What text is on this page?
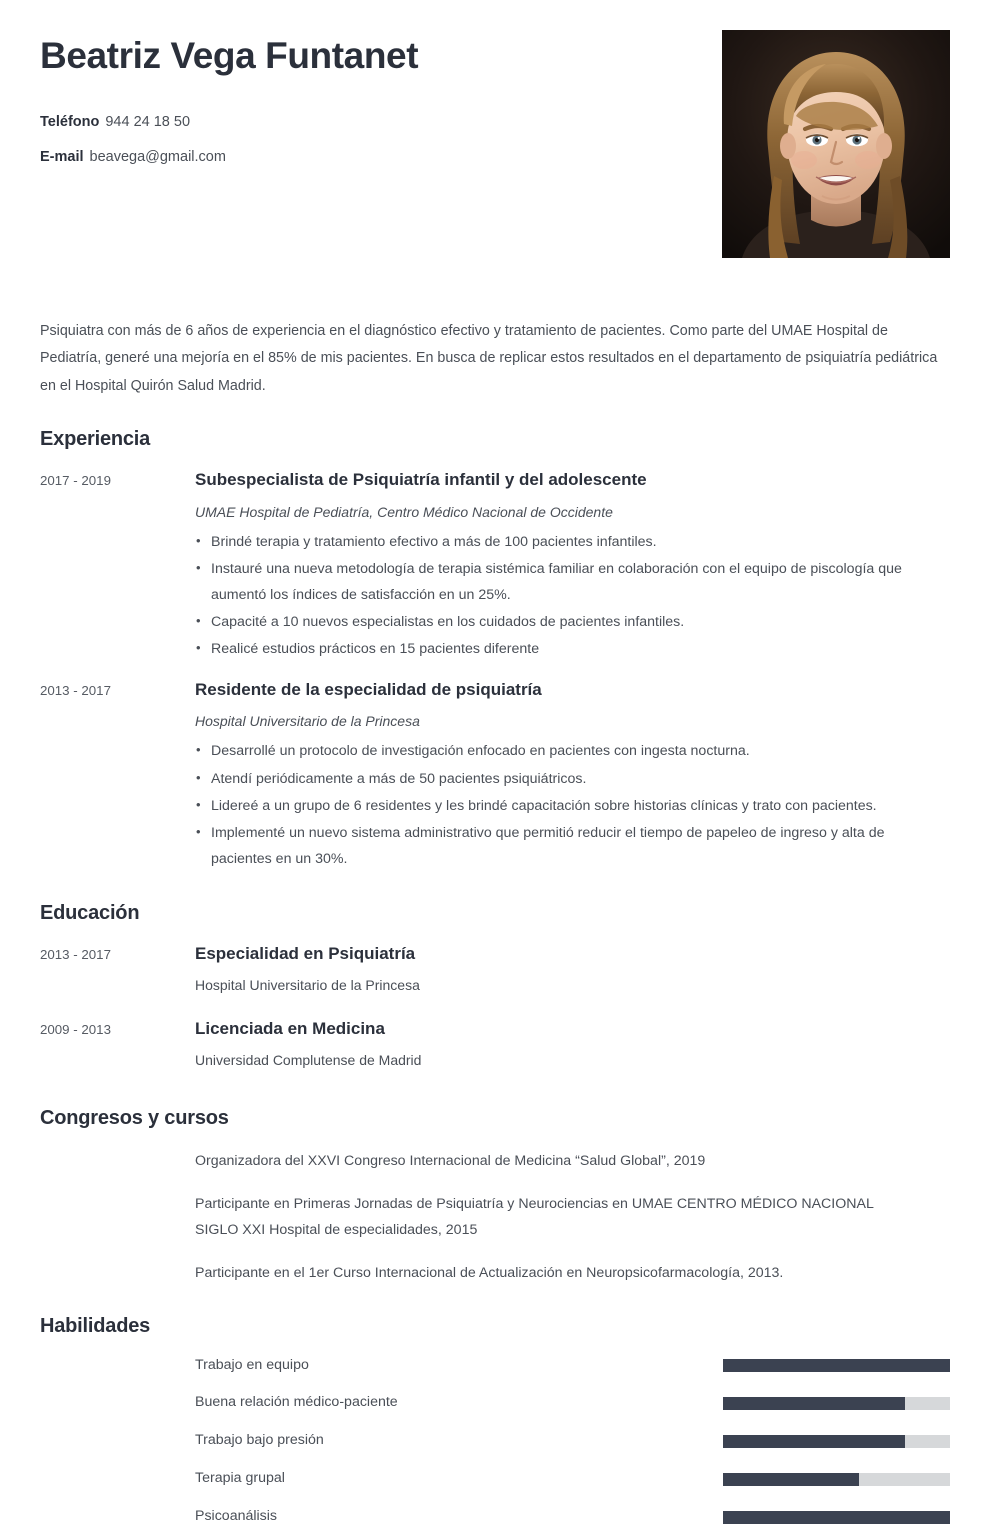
Beatriz Vega Funtanet
Teléfono 944 24 18 50
E-mail beavega@gmail.com

Psiquiatra con más de 6 años de experiencia en el diagnóstico efectivo y tratamiento de pacientes. Como parte del UMAE Hospital de Pediatría, generé una mejoría en el 85% de mis pacientes. En busca de replicar estos resultados en el departamento de psiquiatría pediátrica en el Hospital Quirón Salud Madrid.

Experiencia
2017 - 2019	Subespecialista de Psiquiatría infantil y del adolescente
UMAE Hospital de Pediatría, Centro Médico Nacional de Occidente
• Brindé terapia y tratamiento efectivo a más de 100 pacientes infantiles.
• Instauré una nueva metodología de terapia sistémica familiar en colaboración con el equipo de piscología que aumentó los índices de satisfacción en un 25%.
• Capacité a 10 nuevos especialistas en los cuidados de pacientes infantiles.
• Realicé estudios prácticos en 15 pacientes diferente
2013 - 2017	Residente de la especialidad de psiquiatría
Hospital Universitario de la Princesa
• Desarrollé un protocolo de investigación enfocado en pacientes con ingesta nocturna.
• Atendí periódicamente a más de 50 pacientes psiquiátricos.
• Lidereé a un grupo de 6 residentes y les brindé capacitación sobre historias clínicas y trato con pacientes.
• Implementé un nuevo sistema administrativo que permitió reducir el tiempo de papeleo de ingreso y alta de pacientes en un 30%.
Educación
2013 - 2017	Especialidad en Psiquiatría
Hospital Universitario de la Princesa
2009 - 2013	Licenciada en Medicina
Universidad Complutense de Madrid
Congresos y cursos
Organizadora del XXVI Congreso Internacional de Medicina “Salud Global”, 2019
Participante en Primeras Jornadas de Psiquiatría y Neurociencias en UMAE CENTRO MÉDICO NACIONAL SIGLO XXI Hospital de especialidades, 2015
Participante en el 1er Curso Internacional de Actualización en Neuropsicofarmacología, 2013.
Habilidades
Trabajo en equipo
Buena relación médico-paciente
Trabajo bajo presión
Terapia grupal
Psicoanálisis
